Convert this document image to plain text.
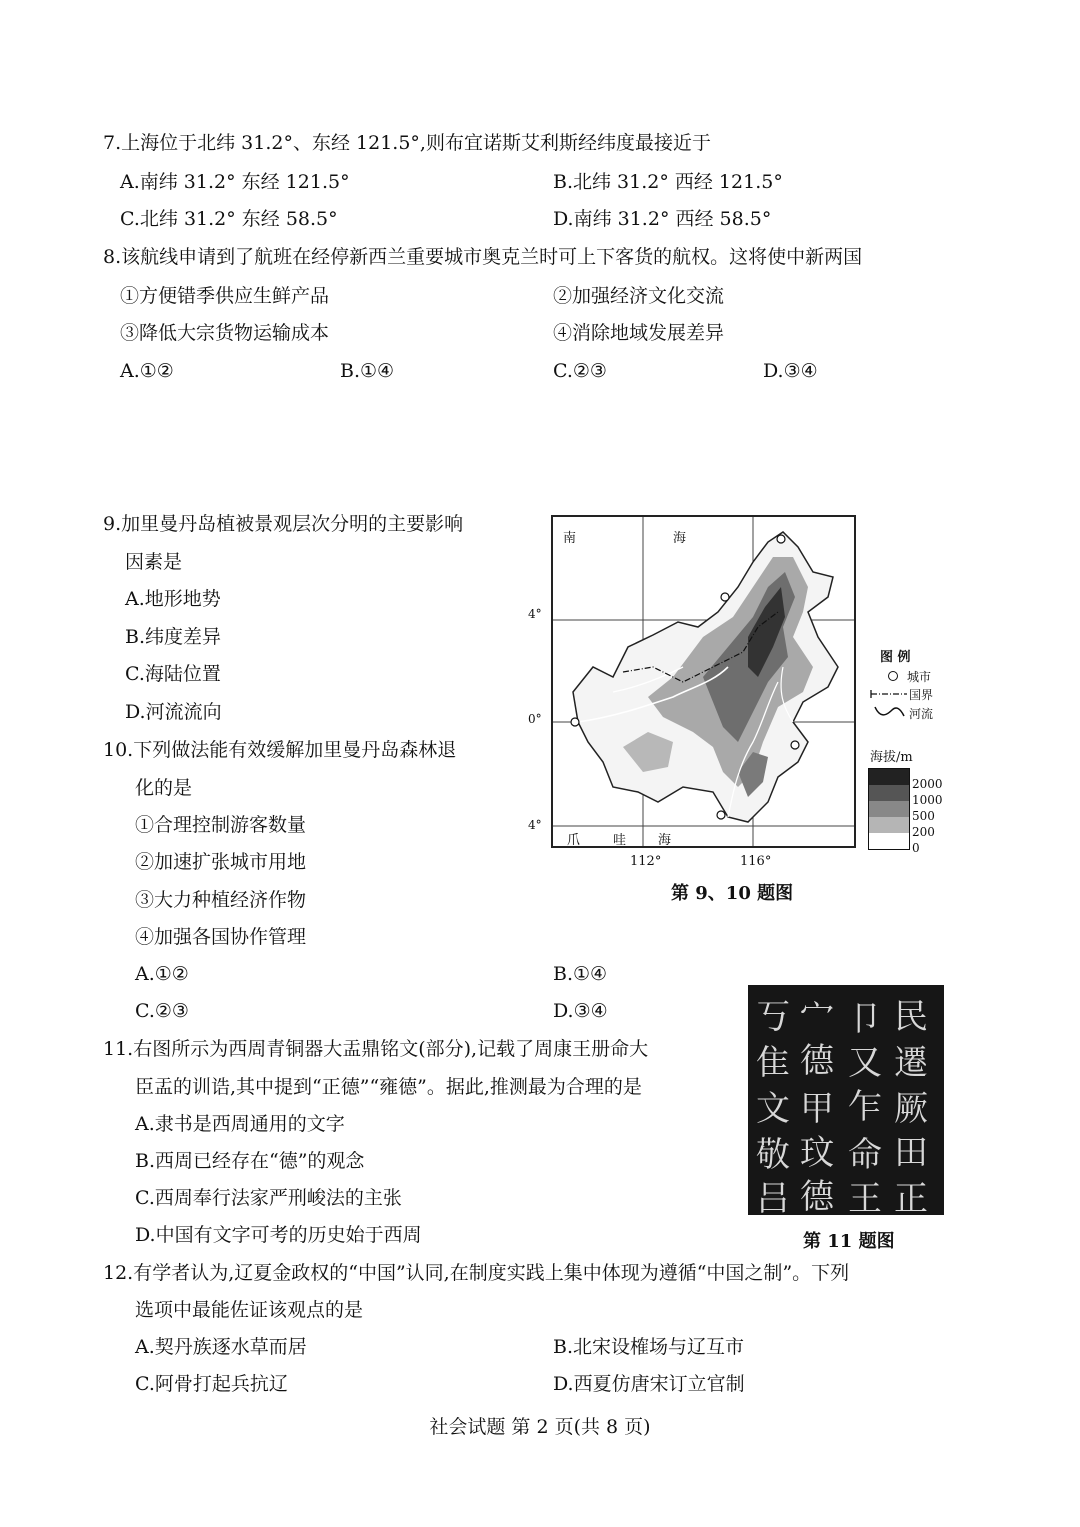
7.上海位于北纬 31.2°、东经 121.5°,则布宜诺斯艾利斯经纬度最接近于
A.南纬 31.2° 东经 121.5°	B.北纬 31.2° 西经 121.5°
C.北纬 31.2° 东经 58.5°	D.南纬 31.2° 西经 58.5°
8.该航线申请到了航班在经停新西兰重要城市奥克兰时可上下客货的航权。这将使中新两国
①方便错季供应生鲜产品	②加强经济文化交流
③降低大宗货物运输成本	④消除地域发展差异
A.①②	B.①④	C.②③	D.③④
9.加里曼丹岛植被景观层次分明的主要影响
因素是
A.地形地势
B.纬度差异
C.海陆位置
D.河流流向
10.下列做法能有效缓解加里曼丹岛森林退
化的是
①合理控制游客数量
②加速扩张城市用地
③大力种植经济作物
④加强各国协作管理
A.①②	B.①④
C.②③	D.③④
11.右图所示为西周青铜器大盂鼎铭文(部分),记载了周康王册命大
臣盂的训诰,其中提到“正德”“雍德”。据此,推测最为合理的是
A.隶书是西周通用的文字
B.西周已经存在“德”的观念
C.西周奉行法家严刑峻法的主张
D.中国有文字可考的历史始于西周
12.有学者认为,辽夏金政权的“中国”认同,在制度实践上集中体现为遵循“中国之制”。下列
选项中最能佐证该观点的是
A.契丹族逐水草而居	B.北宋设榷场与辽互市
C.阿骨打起兵抗辽	D.西夏仿唐宋订立官制
南	海
爪	哇 海
4°
0°
4°
112°	116°
第 9、10 题图
图 例
城市
国界
河流
海拔/m
2000
1000
500
200
0
丂 宀 卩 民
隹 德 又 遷
文 甲 乍 厥
敬 玟 命 田
吕 德 王 正
第 11 题图
社会试题 第 2 页(共 8 页)
